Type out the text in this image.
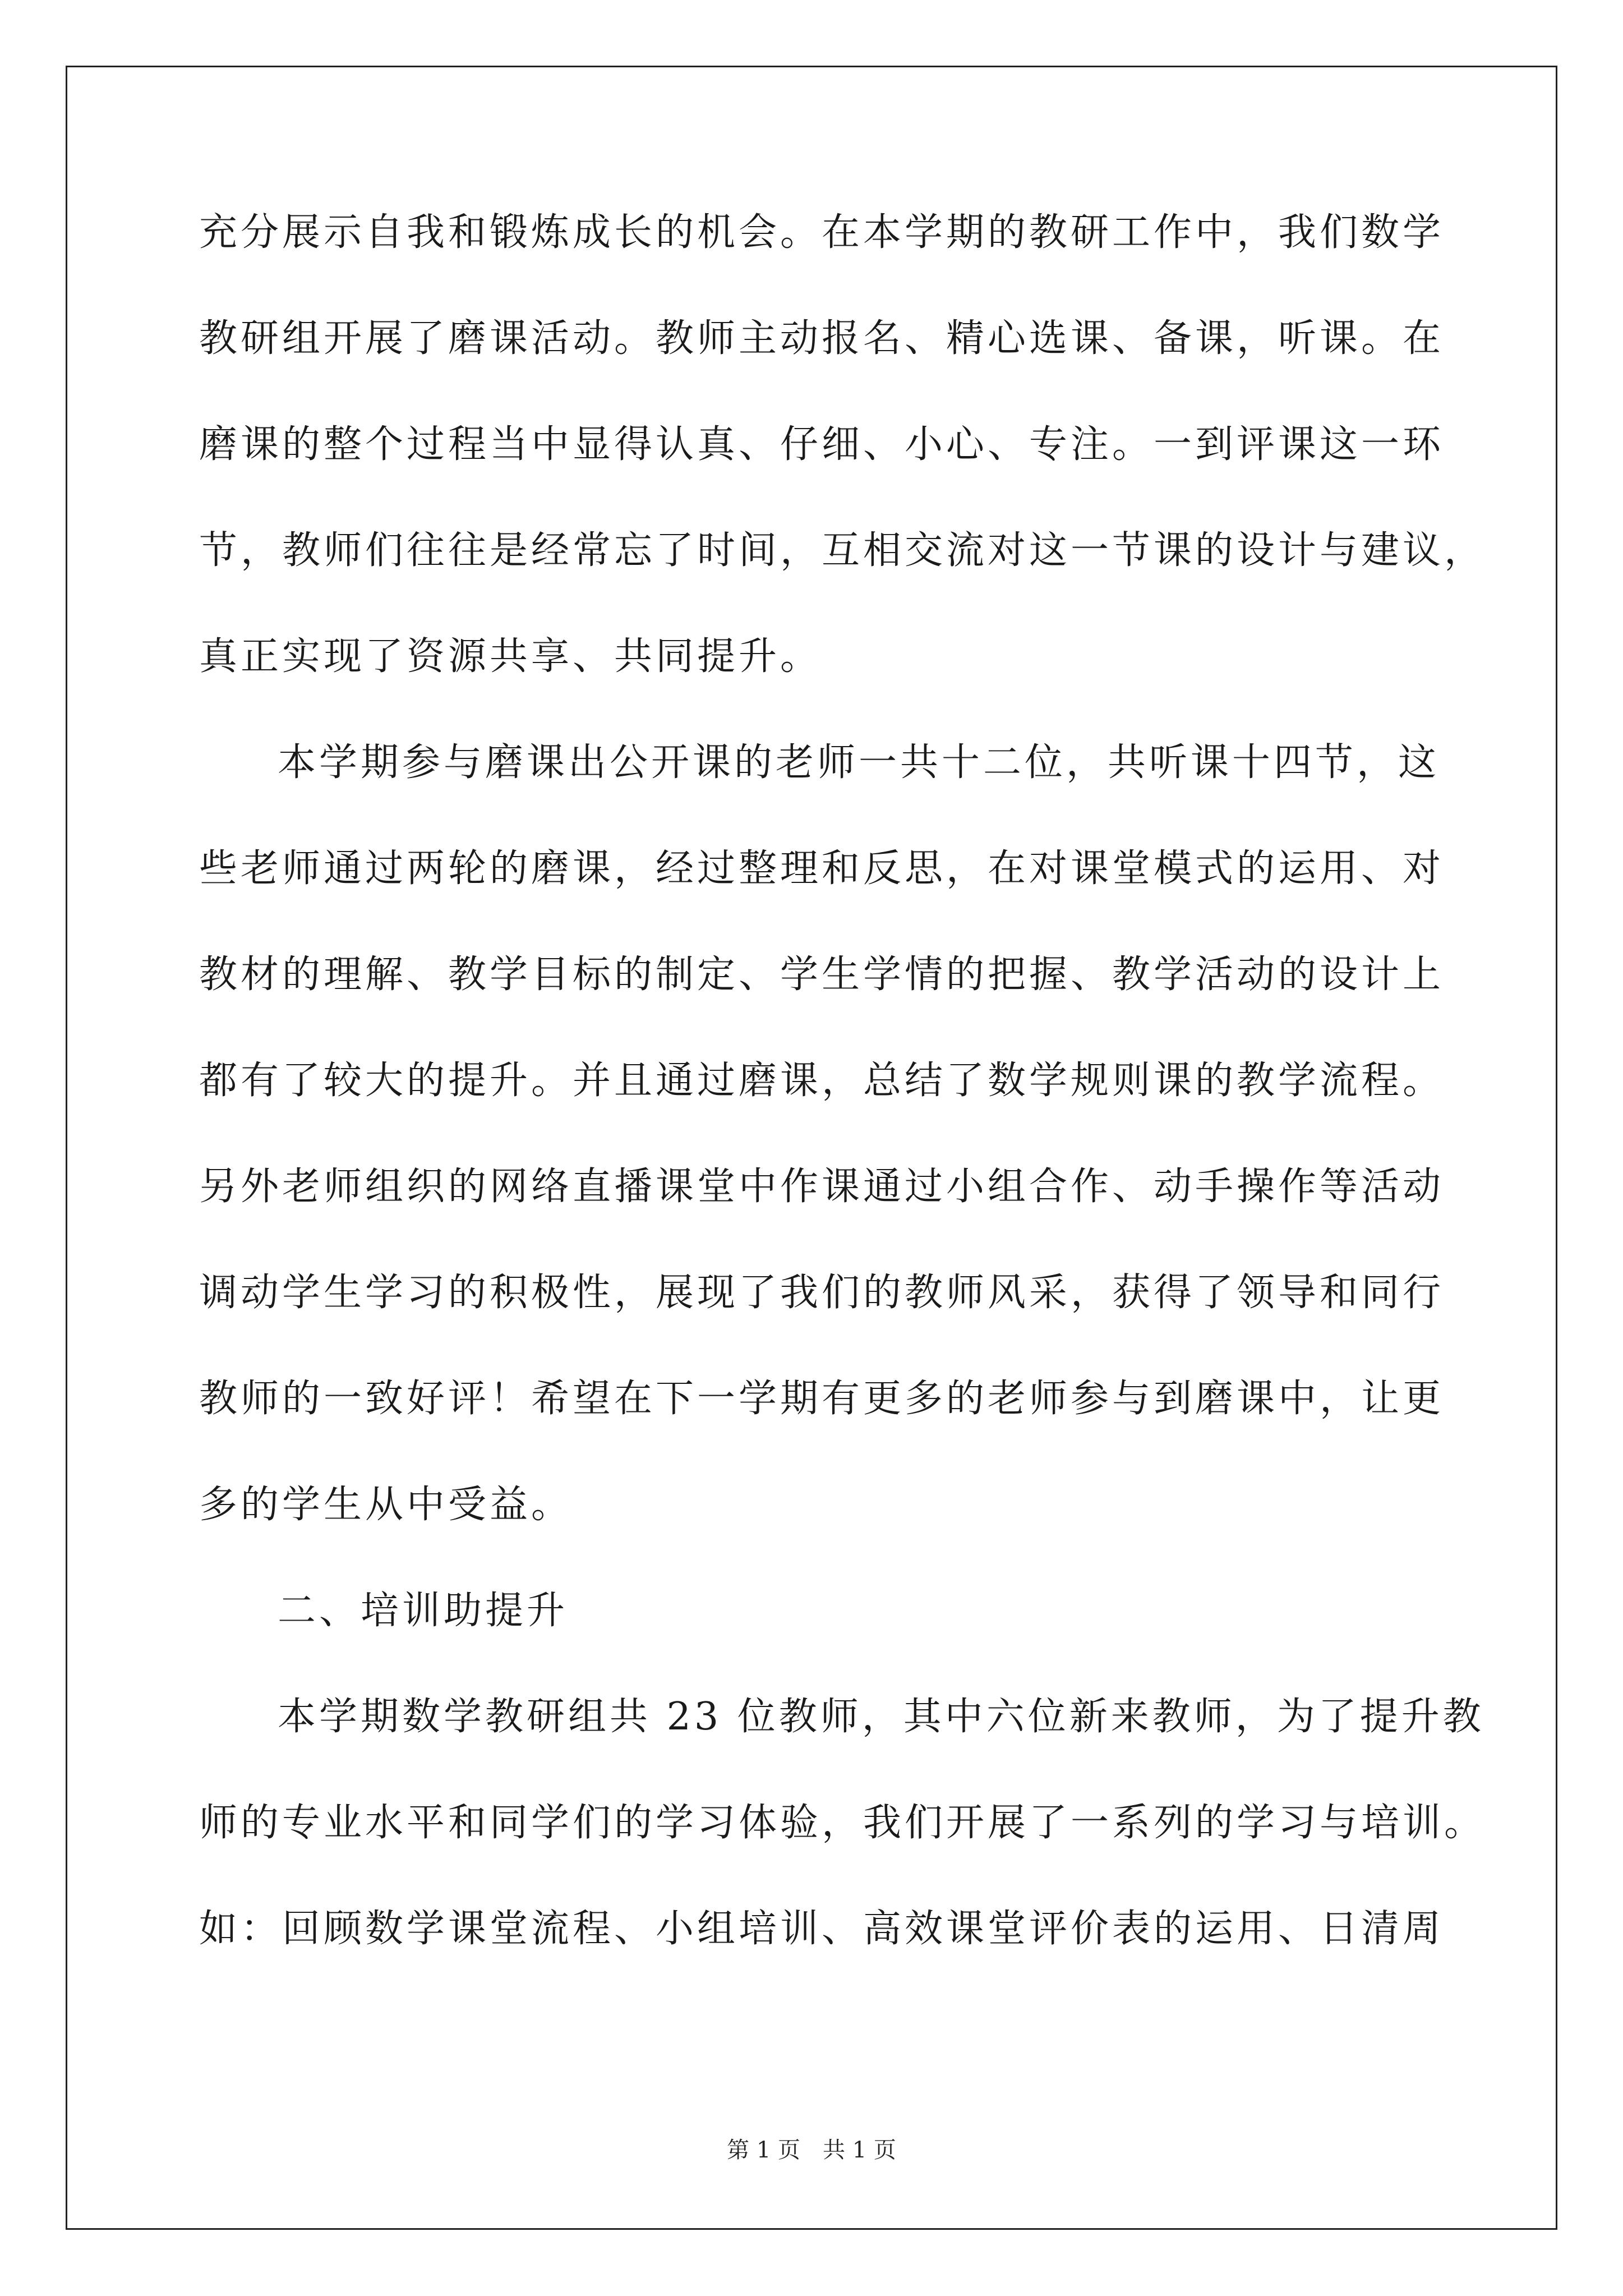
充分展示自我和锻炼成长的机会。在本学期的教研工作中，我们数学
教研组开展了磨课活动。教师主动报名、精心选课、备课，听课。在
磨课的整个过程当中显得认真、仔细、小心、专注。一到评课这一环
节，教师们往往是经常忘了时间，互相交流对这一节课的设计与建议，
真正实现了资源共享、共同提升。
本学期参与磨课出公开课的老师一共十二位，共听课十四节，这
些老师通过两轮的磨课，经过整理和反思，在对课堂模式的运用、对
教材的理解、教学目标的制定、学生学情的把握、教学活动的设计上
都有了较大的提升。并且通过磨课，总结了数学规则课的教学流程。
另外老师组织的网络直播课堂中作课通过小组合作、动手操作等活动
调动学生学习的积极性，展现了我们的教师风采，获得了领导和同行
教师的一致好评！希望在下一学期有更多的老师参与到磨课中，让更
多的学生从中受益。
二、培训助提升
本学期数学教研组共 23 位教师，其中六位新来教师，为了提升教
师的专业水平和同学们的学习体验，我们开展了一系列的学习与培训。
如：回顾数学课堂流程、小组培训、高效课堂评价表的运用、日清周
第 1 页　共 1 页
